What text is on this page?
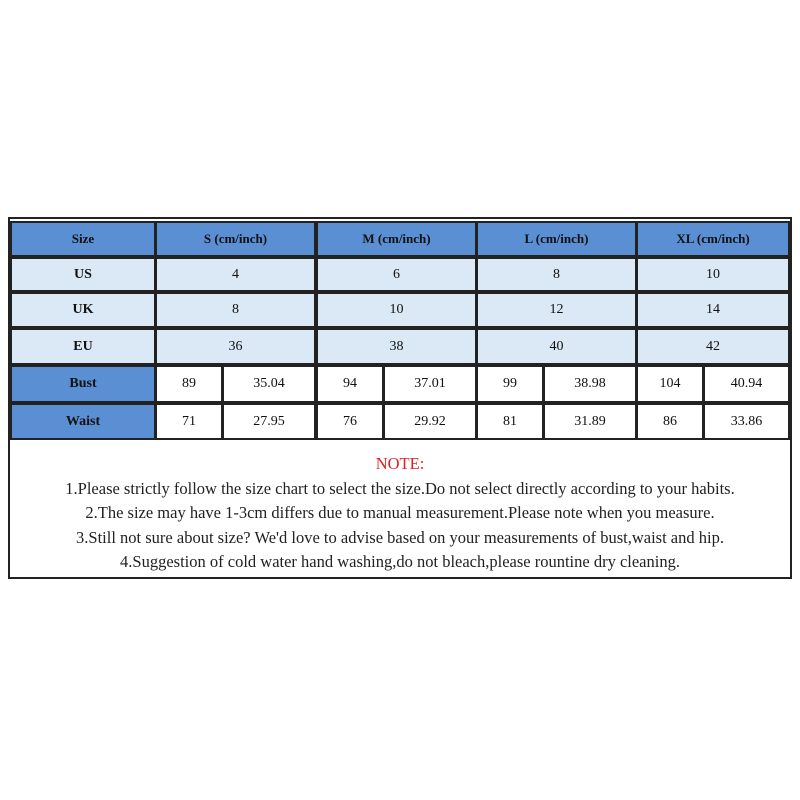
Size	S (cm/inch)	M (cm/inch)	L (cm/inch)	XL (cm/inch)
US	4	6	8	10
UK	8	10	12	14
EU	36	38	40	42
Bust	89	35.04	94	37.01	99	38.98	104	40.94
Waist	71	27.95	76	29.92	81	31.89	86	33.86
NOTE:
1.Please strictly follow the size chart to select the size.Do not select directly according to your habits.
2.The size may have 1-3cm differs due to manual measurement.Please note when you measure.
3.Still not sure about size? We'd love to advise based on your measurements of bust,waist and hip.
4.Suggestion of cold water hand washing,do not bleach,please rountine dry cleaning.
